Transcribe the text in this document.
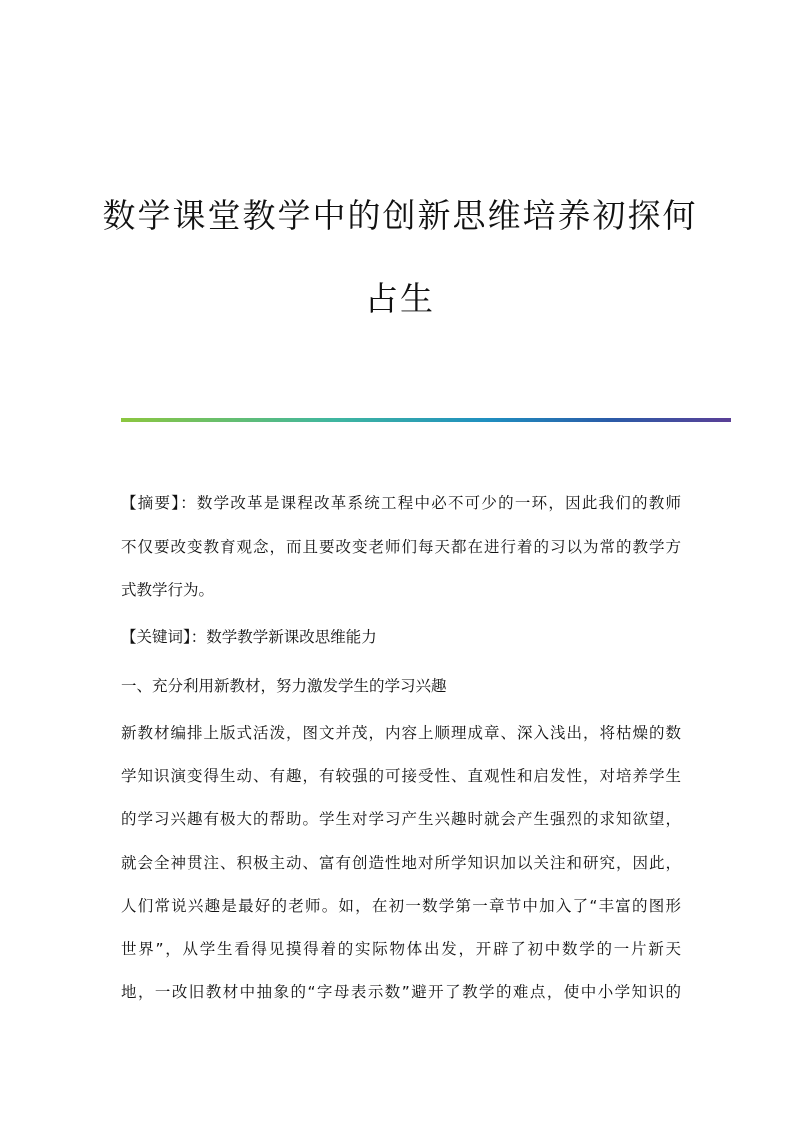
数学课堂教学中的创新思维培养初探何
占生
【摘要】：数学改革是课程改革系统工程中必不可少的一环，因此我们的教师
不仅要改变教育观念，而且要改变老师们每天都在进行着的习以为常的教学方
式教学行为。
【关键词】：数学教学新课改思维能力
一、充分利用新教材，努力激发学生的学习兴趣
新教材编排上版式活泼，图文并茂，内容上顺理成章、深入浅出，将枯燥的数
学知识演变得生动、有趣，有较强的可接受性、直观性和启发性，对培养学生
的学习兴趣有极大的帮助。学生对学习产生兴趣时就会产生强烈的求知欲望，
就会全神贯注、积极主动、富有创造性地对所学知识加以关注和研究，因此，
人们常说兴趣是最好的老师。如，在初一数学第一章节中加入了“丰富的图形
世界”，从学生看得见摸得着的实际物体出发，开辟了初中数学的一片新天
地，一改旧教材中抽象的“字母表示数”避开了教学的难点，使中小学知识的
